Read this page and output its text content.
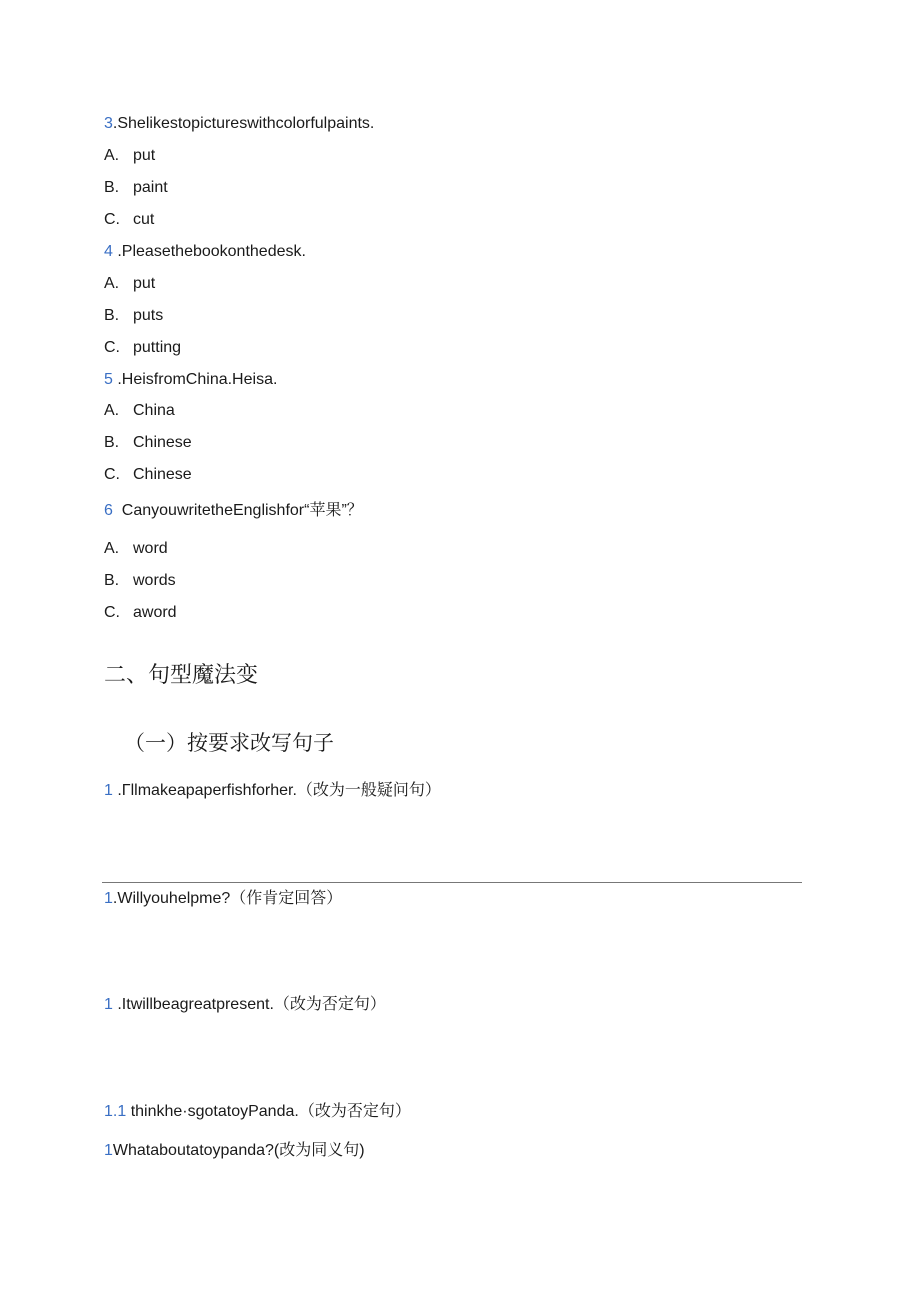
3.Shelikestopictureswithcolorfulpaints.
A. put
B. paint
C. cut
4 .Pleasethebookonthedesk.
A. put
B. puts
C. putting
5 .HeisfromChina.Heisa.
A. China
B. Chinese
C. Chinese
6 CanyouwritetheEnglishfor“苹果”？
A. word
B. words
C. aword
二、句型魔法变
（一）按要求改写句子
1 .Γllmakeapaperfishforher.（改为一般疑问句）
1.Willyouhelpme?（作肯定回答）
1 .Itwillbeagreatpresent.（改为否定句）
1.1 thinkhe·sgotatoyPanda.（改为否定句）
1Whataboutatoypanda?(改为同义句)
